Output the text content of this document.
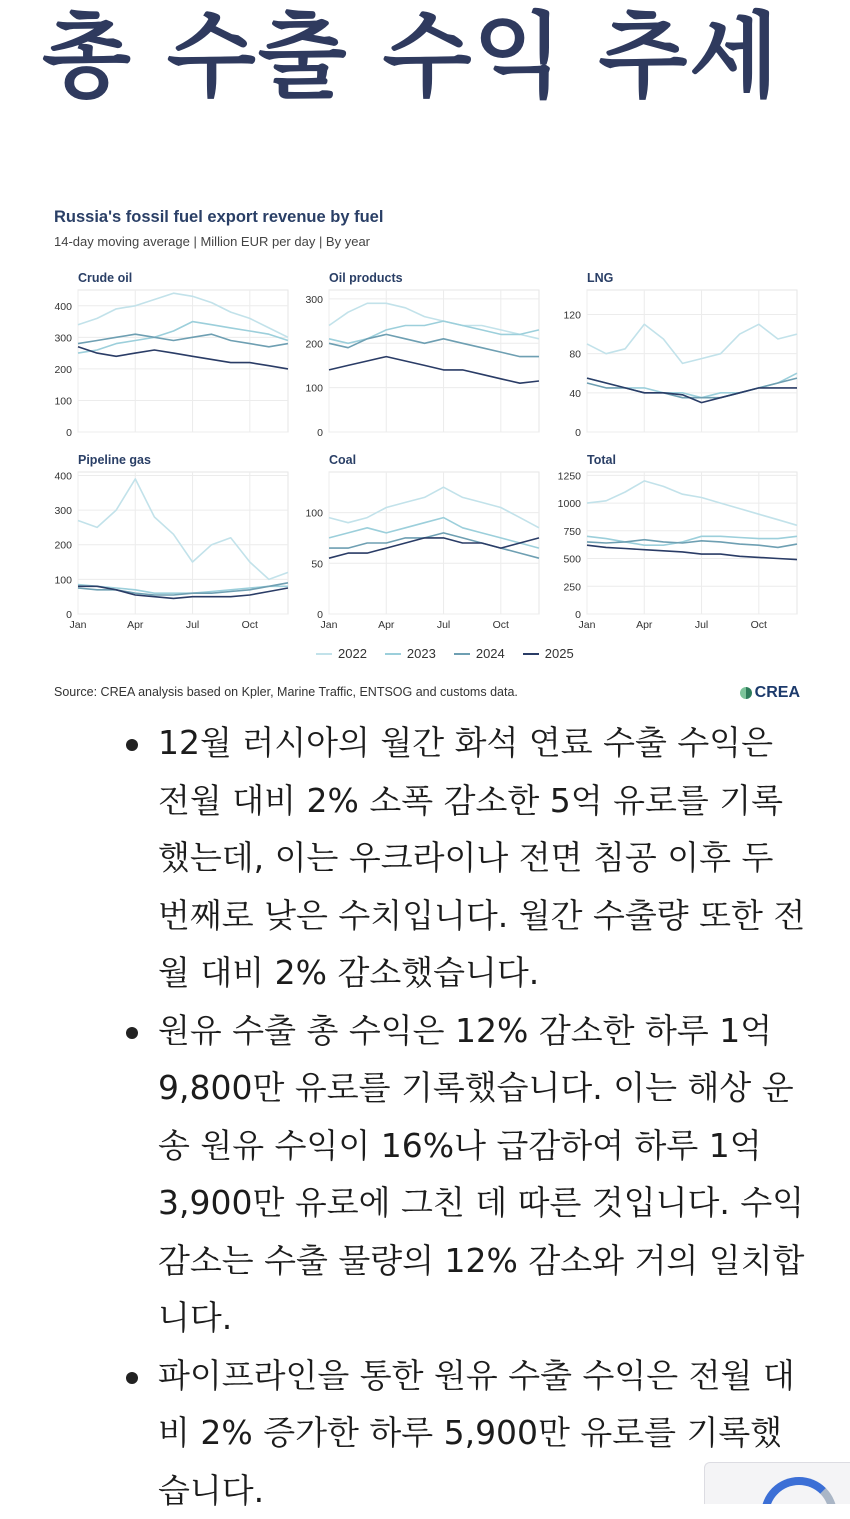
총 수출 수익 추세
Russia's fossil fuel export revenue by fuel
14-day moving average | Million EUR per day | By year
Crude oil
0
100
200
300
400
Oil products
0
100
200
300
LNG
0
40
80
120
Pipeline gas
0
100
200
300
400
Jan	Apr	Jul	Oct
Coal
0
50
100
Jan	Apr	Jul	Oct
Total
0
250
500
750
1000
1250
Jan	Apr	Jul	Oct
2022	2023	2024	2025
Source: CREA analysis based on Kpler, Marine Traffic, ENTSOG and customs data.	CREA
12월 러시아의 월간 화석 연료 수출 수익은 전월 대비 2% 소폭 감소한 5억 유로를 기록했는데, 이는 우크라이나 전면 침공 이후 두 번째로 낮은 수치입니다. 월간 수출량 또한 전월 대비 2% 감소했습니다.
원유 수출 총 수익은 12% 감소한 하루 1억 9,800만 유로를 기록했습니다. 이는 해상 운송 원유 수익이 16%나 급감하여 하루 1억 3,900만 유로에 그친 데 따른 것입니다. 수익 감소는 수출 물량의 12% 감소와 거의 일치합니다.
파이프라인을 통한 원유 수출 수익은 전월 대비 2% 증가한 하루 5,900만 유로를 기록했습니다.
